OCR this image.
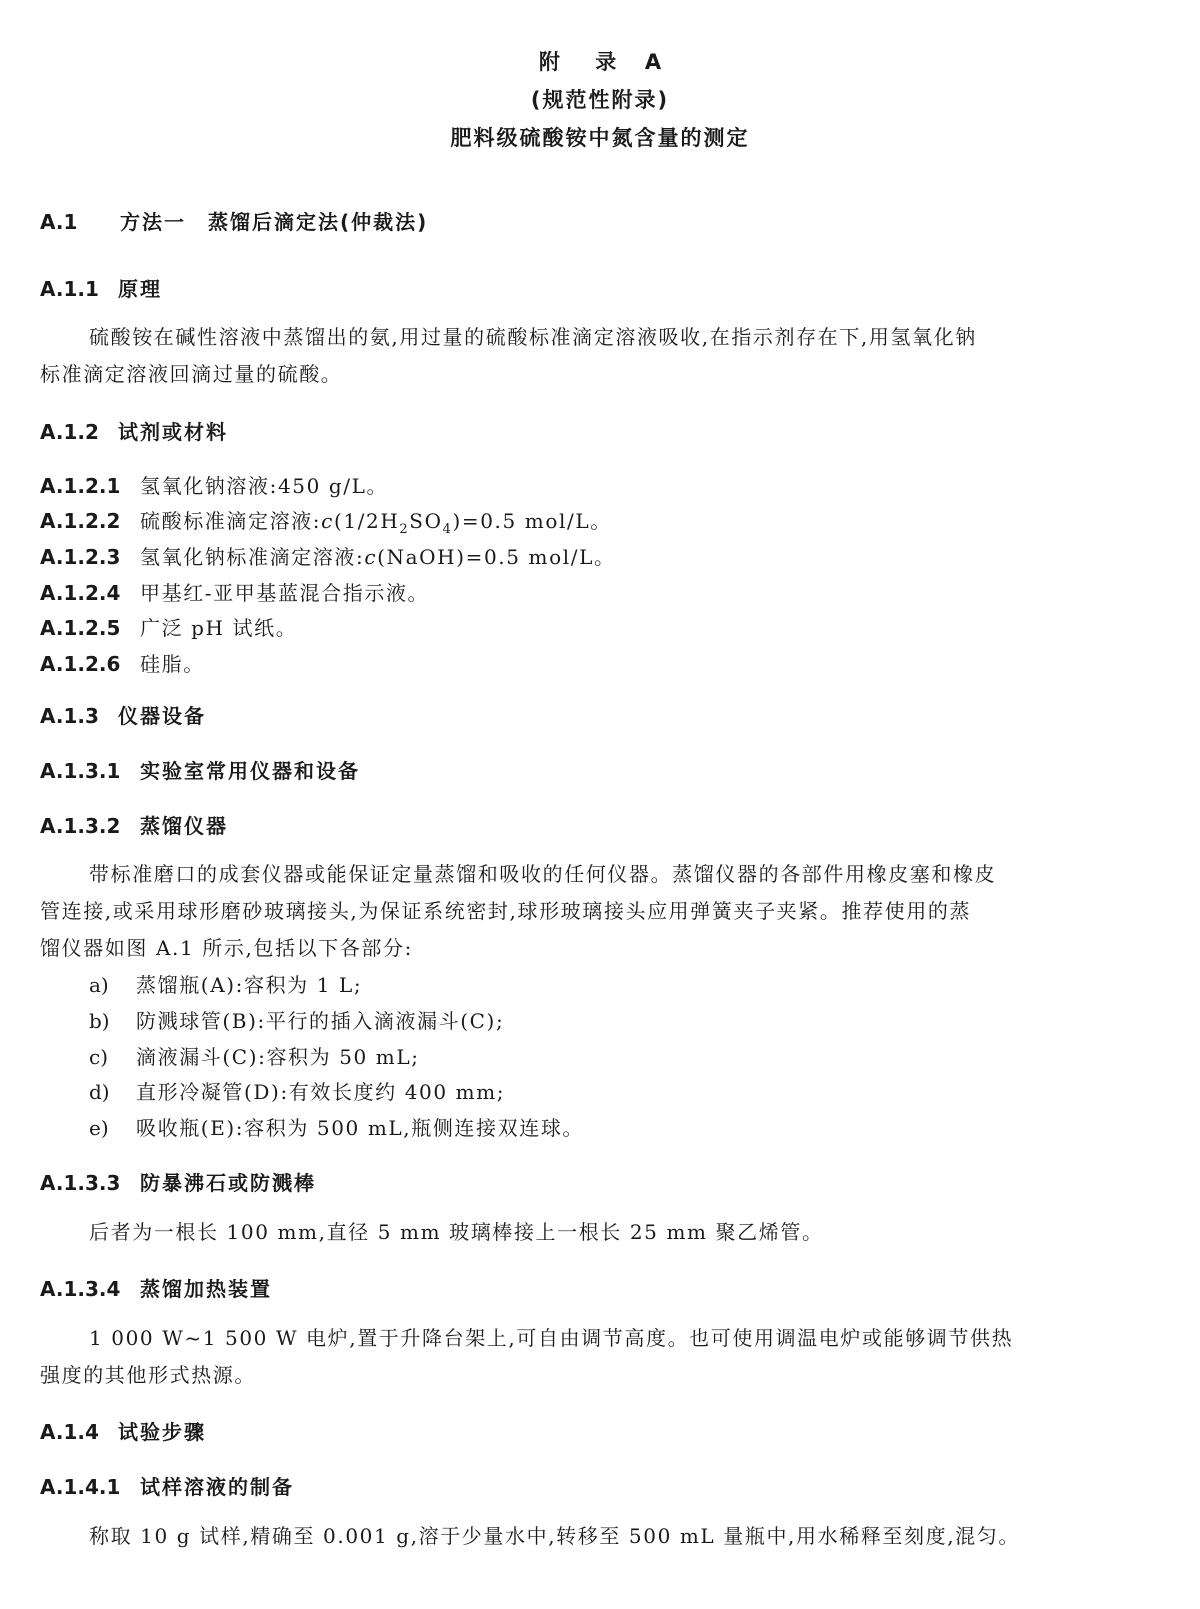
附 录 A
(规范性附录)
肥料级硫酸铵中氮含量的测定
A.1 方法一　蒸馏后滴定法(仲裁法)
A.1.1 原理
硫酸铵在碱性溶液中蒸馏出的氨,用过量的硫酸标准滴定溶液吸收,在指示剂存在下,用氢氧化钠
标准滴定溶液回滴过量的硫酸。
A.1.2 试剂或材料
A.1.2.1 氢氧化钠溶液:450 g/L。
A.1.2.2 硫酸标准滴定溶液$:c(1/2H_2SO_4)=0.5$ mol/L。
A.1.2.3 氢氧化钠标准滴定溶液:c(NaOH)=0.5 mol/L。
A.1.2.4 甲基红-亚甲基蓝混合指示液。
A.1.2.5 广泛 pH 试纸。
A.1.2.6 硅脂。
A.1.3 仪器设备
A.1.3.1 实验室常用仪器和设备
A.1.3.2 蒸馏仪器
带标准磨口的成套仪器或能保证定量蒸馏和吸收的任何仪器。蒸馏仪器的各部件用橡皮塞和橡皮
管连接,或采用球形磨砂玻璃接头,为保证系统密封,球形玻璃接头应用弹簧夹子夹紧。推荐使用的蒸
馏仪器如图 A.1 所示,包括以下各部分:
a) 蒸馏瓶(A):容积为 1 L;
b) 防溅球管(B):平行的插入滴液漏斗(C);
c) 滴液漏斗(C):容积为 50 mL;
d) 直形冷凝管(D):有效长度约 400 mm;
e) 吸收瓶(E):容积为 500 mL,瓶侧连接双连球。
A.1.3.3 防暴沸石或防溅棒
后者为一根长 100 mm,直径 5 mm 玻璃棒接上一根长 25 mm 聚乙烯管。
A.1.3.4 蒸馏加热装置
1 000 W~1 500 W 电炉,置于升降台架上,可自由调节高度。也可使用调温电炉或能够调节供热
强度的其他形式热源。
A.1.4 试验步骤
A.1.4.1 试样溶液的制备
称取 10 g 试样,精确至 0.001 g,溶于少量水中,转移至 500 mL 量瓶中,用水稀释至刻度,混匀。
